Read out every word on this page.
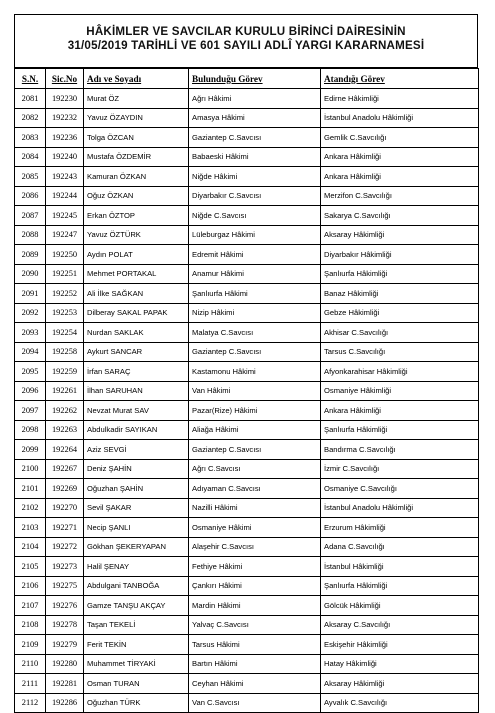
HÂKİMLER VE SAVCILAR KURULU BİRİNCİ DAİRESİNİN
31/05/2019 TARİHLİ VE 601 SAYILI ADLÎ YARGI KARARNAMESİ
S.N.	Sic.No	Adı ve Soyadı	Bulunduğu Görev	Atandığı Görev
2081	192230	Murat ÖZ	Ağrı Hâkimi	Edirne Hâkimliği
2082	192232	Yavuz ÖZAYDIN	Amasya Hâkimi	İstanbul Anadolu Hâkimliği
2083	192236	Tolga ÖZCAN	Gaziantep C.Savcısı	Gemlik C.Savcılığı
2084	192240	Mustafa ÖZDEMİR	Babaeski Hâkimi	Ankara Hâkimliği
2085	192243	Kamuran ÖZKAN	Niğde Hâkimi	Ankara Hâkimliği
2086	192244	Oğuz ÖZKAN	Diyarbakır C.Savcısı	Merzifon C.Savcılığı
2087	192245	Erkan ÖZTOP	Niğde C.Savcısı	Sakarya C.Savcılığı
2088	192247	Yavuz ÖZTÜRK	Lüleburgaz Hâkimi	Aksaray Hâkimliği
2089	192250	Aydın POLAT	Edremit Hâkimi	Diyarbakır Hâkimliği
2090	192251	Mehmet PORTAKAL	Anamur Hâkimi	Şanlıurfa Hâkimliği
2091	192252	Ali İlke SAĞKAN	Şanlıurfa Hâkimi	Banaz Hâkimliği
2092	192253	Dilberay SAKAL PAPAK	Nizip Hâkimi	Gebze Hâkimliği
2093	192254	Nurdan SAKLAK	Malatya C.Savcısı	Akhisar C.Savcılığı
2094	192258	Aykurt SANCAR	Gaziantep C.Savcısı	Tarsus C.Savcılığı
2095	192259	İrfan SARAÇ	Kastamonu Hâkimi	Afyonkarahisar Hâkimliği
2096	192261	İlhan SARUHAN	Van Hâkimi	Osmaniye Hâkimliği
2097	192262	Nevzat Murat SAV	Pazar(Rize) Hâkimi	Ankara Hâkimliği
2098	192263	Abdulkadir SAYIKAN	Aliağa Hâkimi	Şanlıurfa Hâkimliği
2099	192264	Aziz SEVGİ	Gaziantep C.Savcısı	Bandırma C.Savcılığı
2100	192267	Deniz ŞAHİN	Ağrı C.Savcısı	İzmir C.Savcılığı
2101	192269	Oğuzhan ŞAHİN	Adıyaman C.Savcısı	Osmaniye C.Savcılığı
2102	192270	Sevil ŞAKAR	Nazilli Hâkimi	İstanbul Anadolu Hâkimliği
2103	192271	Necip ŞANLI	Osmaniye Hâkimi	Erzurum Hâkimliği
2104	192272	Gökhan ŞEKERYAPAN	Alaşehir C.Savcısı	Adana C.Savcılığı
2105	192273	Halil ŞENAY	Fethiye Hâkimi	İstanbul Hâkimliği
2106	192275	Abdulgani TANBOĞA	Çankırı Hâkimi	Şanlıurfa Hâkimliği
2107	192276	Gamze TANŞU AKÇAY	Mardin Hâkimi	Gölcük Hâkimliği
2108	192278	Taşan TEKELİ	Yalvaç C.Savcısı	Aksaray C.Savcılığı
2109	192279	Ferit TEKİN	Tarsus Hâkimi	Eskişehir Hâkimliği
2110	192280	Muhammet TİRYAKİ	Bartın Hâkimi	Hatay Hâkimliği
2111	192281	Osman TURAN	Ceyhan Hâkimi	Aksaray Hâkimliği
2112	192286	Oğuzhan TÜRK	Van C.Savcısı	Ayvalık C.Savcılığı
